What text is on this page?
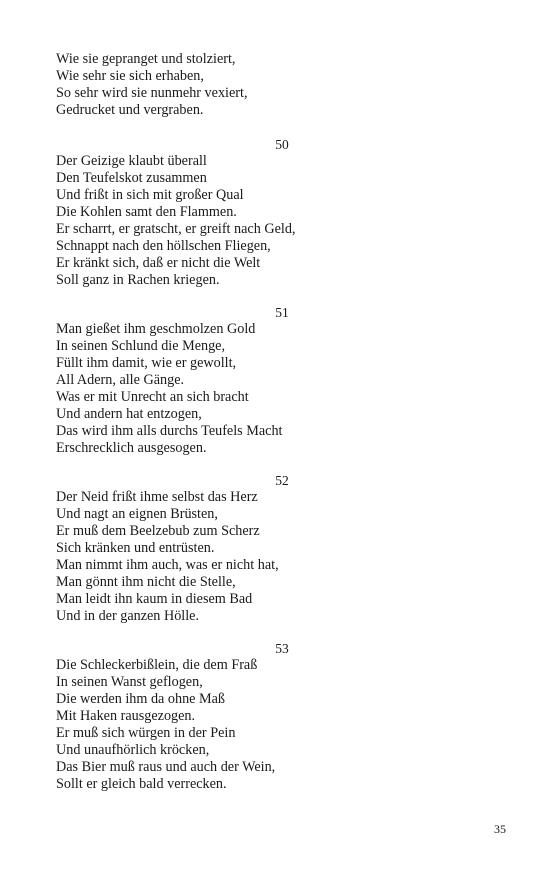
Wie sie gepranget und stolziert,
Wie sehr sie sich erhaben,
So sehr wird sie nunmehr vexiert,
Gedrucket und vergraben.
50
Der Geizige klaubt überall
Den Teufelskot zusammen
Und frißt in sich mit großer Qual
Die Kohlen samt den Flammen.
Er scharrt, er gratscht, er greift nach Geld,
Schnappt nach den höllschen Fliegen,
Er kränkt sich, daß er nicht die Welt
Soll ganz in Rachen kriegen.
51
Man gießet ihm geschmolzen Gold
In seinen Schlund die Menge,
Füllt ihm damit, wie er gewollt,
All Adern, alle Gänge.
Was er mit Unrecht an sich bracht
Und andern hat entzogen,
Das wird ihm alls durchs Teufels Macht
Erschrecklich ausgesogen.
52
Der Neid frißt ihme selbst das Herz
Und nagt an eignen Brüsten,
Er muß dem Beelzebub zum Scherz
Sich kränken und entrüsten.
Man nimmt ihm auch, was er nicht hat,
Man gönnt ihm nicht die Stelle,
Man leidt ihn kaum in diesem Bad
Und in der ganzen Hölle.
53
Die Schleckerbißlein, die dem Fraß
In seinen Wanst geflogen,
Die werden ihm da ohne Maß
Mit Haken rausgezogen.
Er muß sich würgen in der Pein
Und unaufhörlich kröcken,
Das Bier muß raus und auch der Wein,
Sollt er gleich bald verrecken.
35
